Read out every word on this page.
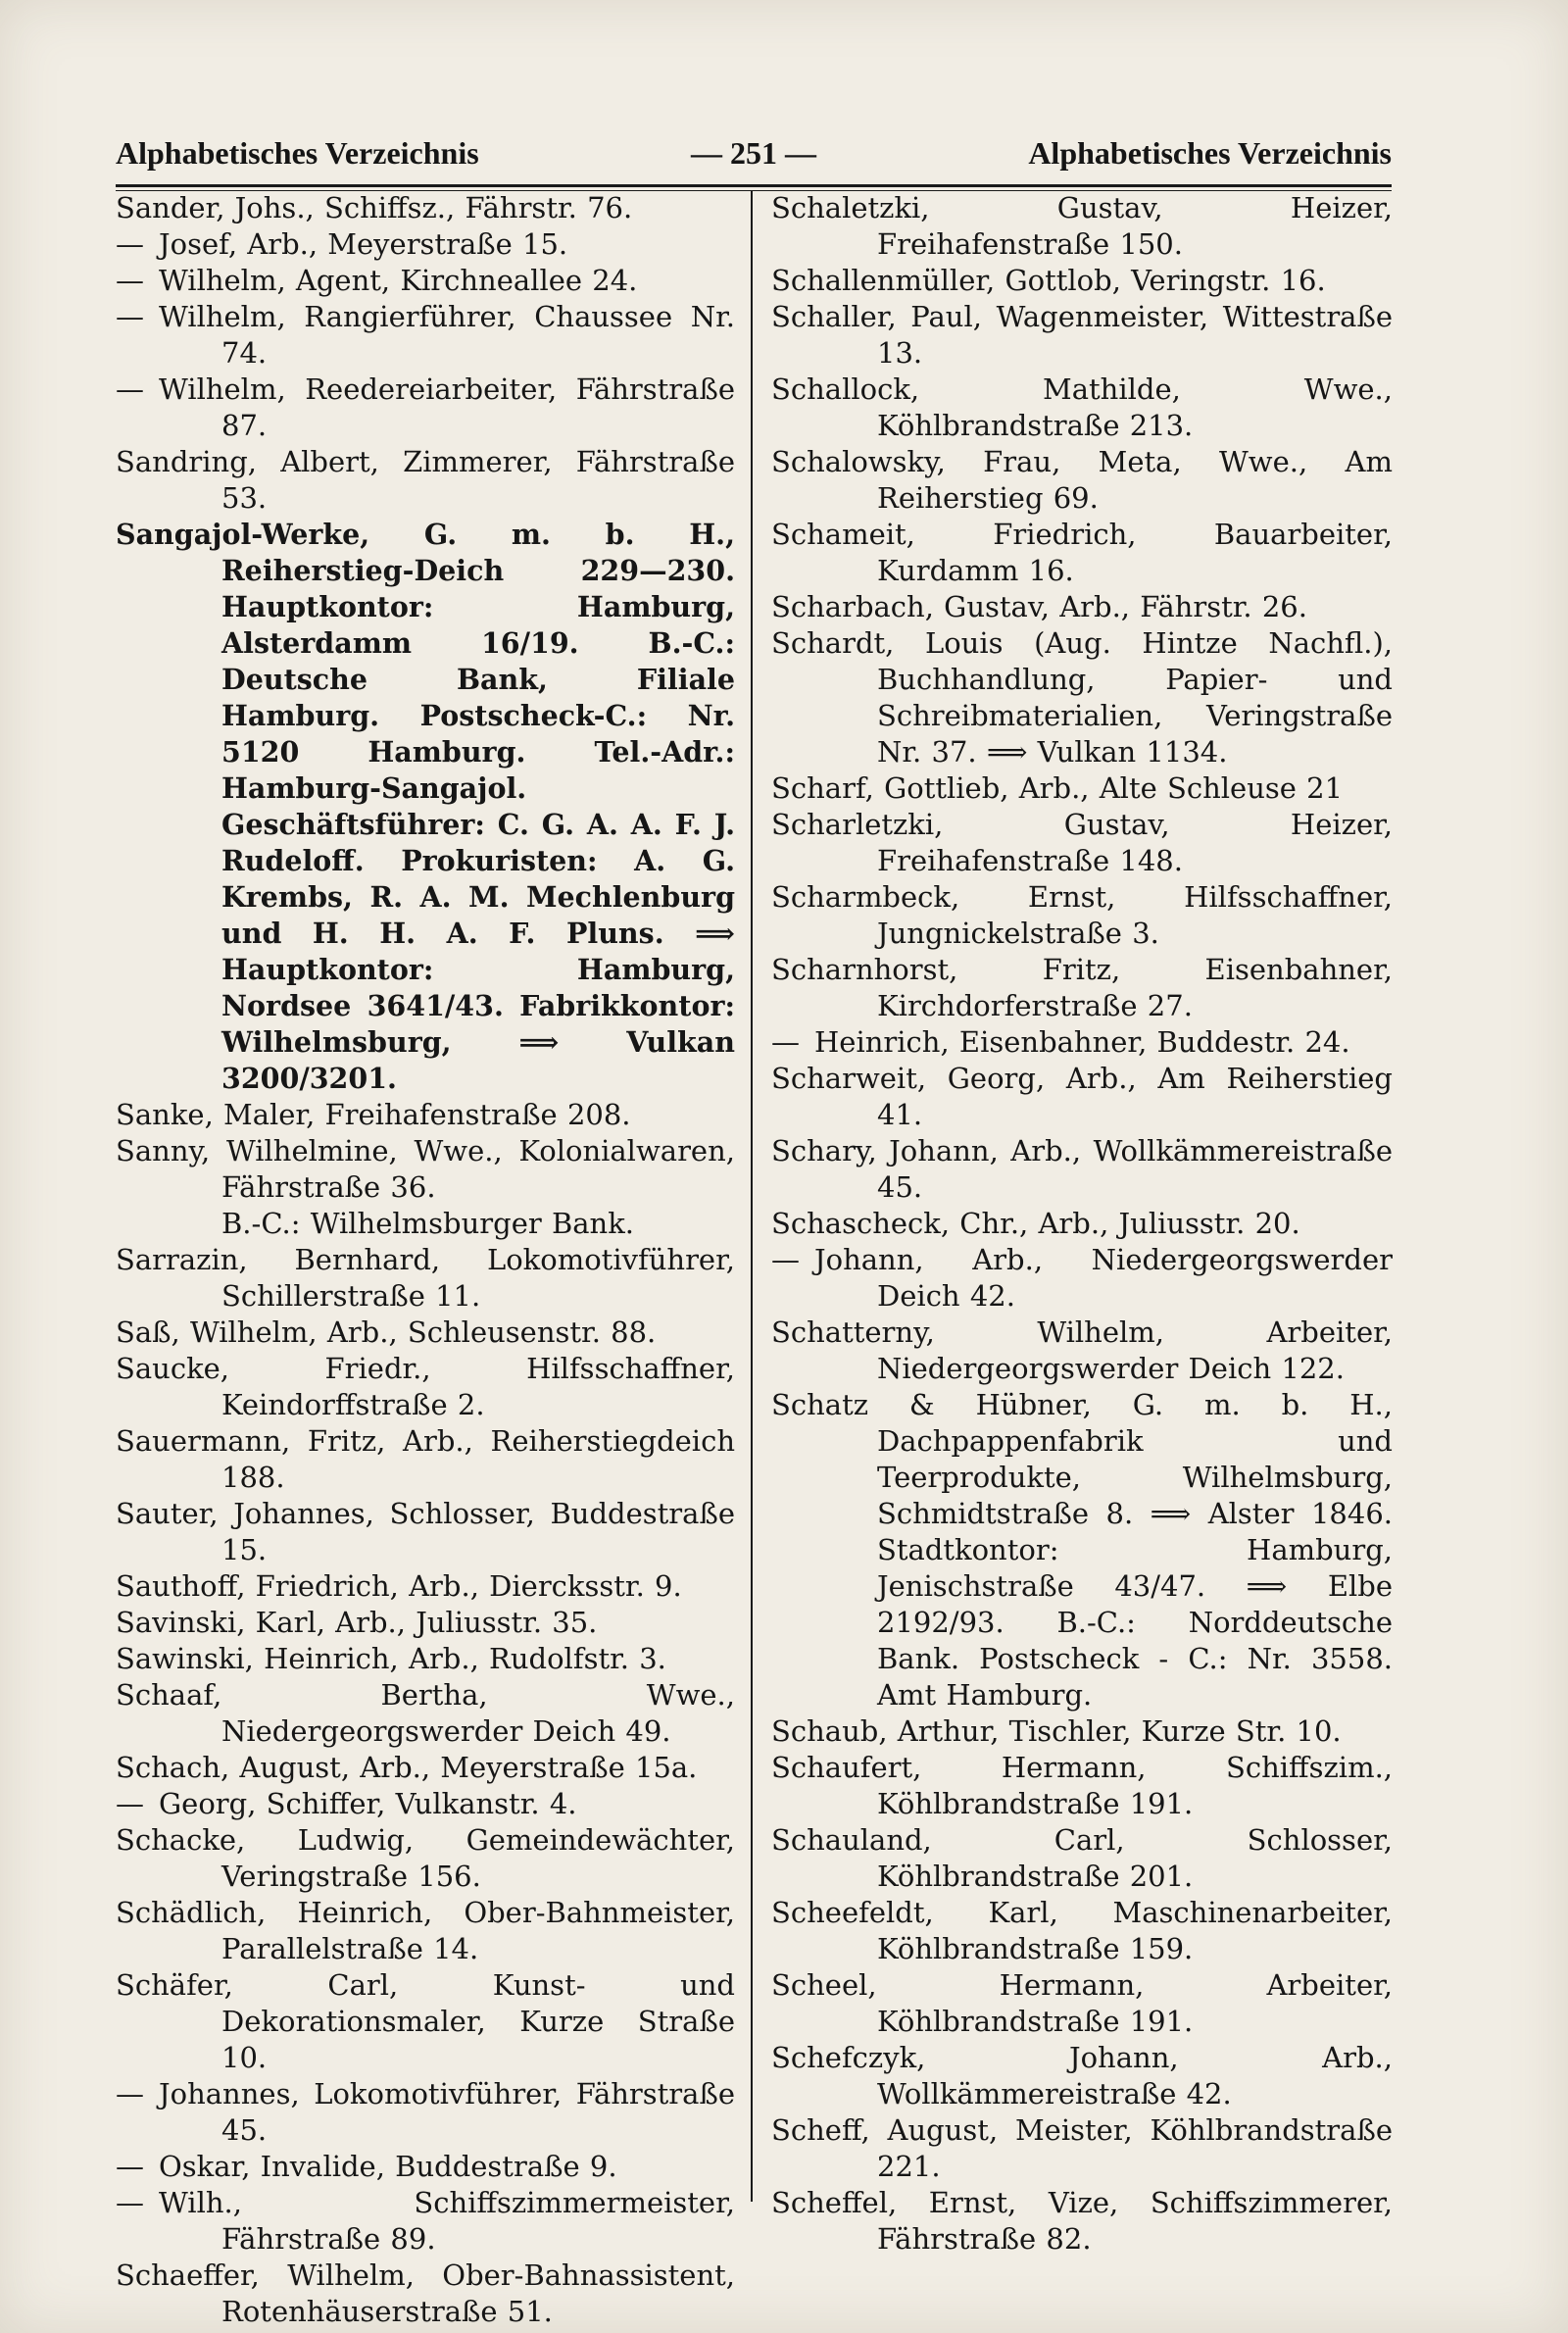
Alphabetisches Verzeichnis	— 251 —	Alphabetisches Verzeichnis
Sander, Johs., Schiffsz., Fährstr. 76.
— Josef, Arb., Meyerstraße 15.
— Wilhelm, Agent, Kirchneallee 24.
— Wilhelm, Rangierführer, Chaussee Nr. 74.
— Wilhelm, Reedereiarbeiter, Fährstraße 87.
Sandring, Albert, Zimmerer, Fährstraße 53.
Sangajol-Werke, G. m. b. H., Reiherstieg-Deich 229—230. Hauptkontor: Hamburg, Alsterdamm 16/19. B.-C.: Deutsche Bank, Filiale Hamburg. Postscheck-C.: Nr. 5120 Hamburg. Tel.-Adr.: Hamburg-Sangajol. Geschäftsführer: C. G. A. A. F. J. Rudeloff. Prokuristen: A. G. Krembs, R. A. M. Mechlenburg und H. H. A. F. Pluns. ⟹ Hauptkontor: Hamburg, Nordsee 3641/43. Fabrikkontor: Wilhelmsburg, ⟹ Vulkan 3200/3201.
Sanke, Maler, Freihafenstraße 208.
Sanny, Wilhelmine, Wwe., Kolonialwaren, Fährstraße 36.
B.-C.: Wilhelmsburger Bank.
Sarrazin, Bernhard, Lokomotivführer, Schillerstraße 11.
Saß, Wilhelm, Arb., Schleusenstr. 88.
Saucke, Friedr., Hilfsschaffner, Keindorffstraße 2.
Sauermann, Fritz, Arb., Reiherstiegdeich 188.
Sauter, Johannes, Schlosser, Buddestraße 15.
Sauthoff, Friedrich, Arb., Diercksstr. 9.
Savinski, Karl, Arb., Juliusstr. 35.
Sawinski, Heinrich, Arb., Rudolfstr. 3.
Schaaf, Bertha, Wwe., Niedergeorgswerder Deich 49.
Schach, August, Arb., Meyerstraße 15a.
— Georg, Schiffer, Vulkanstr. 4.
Schacke, Ludwig, Gemeindewächter, Veringstraße 156.
Schädlich, Heinrich, Ober-Bahnmeister, Parallelstraße 14.
Schäfer, Carl, Kunst- und Dekorationsmaler, Kurze Straße 10.
— Johannes, Lokomotivführer, Fährstraße 45.
— Oskar, Invalide, Buddestraße 9.
— Wilh., Schiffszimmermeister, Fährstraße 89.
Schaeffer, Wilhelm, Ober-Bahnassistent, Rotenhäuserstraße 51.
Schaletzki, Gustav, Heizer, Freihafenstraße 150.
Schallenmüller, Gottlob, Veringstr. 16.
Schaller, Paul, Wagenmeister, Wittestraße 13.
Schallock, Mathilde, Wwe., Köhlbrandstraße 213.
Schalowsky, Frau, Meta, Wwe., Am Reiherstieg 69.
Schameit, Friedrich, Bauarbeiter, Kurdamm 16.
Scharbach, Gustav, Arb., Fährstr. 26.
Schardt, Louis (Aug. Hintze Nachfl.), Buchhandlung, Papier- und Schreibmaterialien, Veringstraße Nr. 37. ⟹ Vulkan 1134.
Scharf, Gottlieb, Arb., Alte Schleuse 21
Scharletzki, Gustav, Heizer, Freihafenstraße 148.
Scharmbeck, Ernst, Hilfsschaffner, Jungnickelstraße 3.
Scharnhorst, Fritz, Eisenbahner, Kirchdorferstraße 27.
— Heinrich, Eisenbahner, Buddestr. 24.
Scharweit, Georg, Arb., Am Reiherstieg 41.
Schary, Johann, Arb., Wollkämmereistraße 45.
Schascheck, Chr., Arb., Juliusstr. 20.
— Johann, Arb., Niedergeorgswerder Deich 42.
Schatterny, Wilhelm, Arbeiter, Niedergeorgswerder Deich 122.
Schatz & Hübner, G. m. b. H., Dachpappenfabrik und Teerprodukte, Wilhelmsburg, Schmidtstraße 8. ⟹ Alster 1846. Stadtkontor: Hamburg, Jenischstraße 43/47. ⟹ Elbe 2192/93. B.-C.: Norddeutsche Bank. Postscheck - C.: Nr. 3558. Amt Hamburg.
Schaub, Arthur, Tischler, Kurze Str. 10.
Schaufert, Hermann, Schiffszim., Köhlbrandstraße 191.
Schauland, Carl, Schlosser, Köhlbrandstraße 201.
Scheefeldt, Karl, Maschinenarbeiter, Köhlbrandstraße 159.
Scheel, Hermann, Arbeiter, Köhlbrandstraße 191.
Schefczyk, Johann, Arb., Wollkämmereistraße 42.
Scheff, August, Meister, Köhlbrandstraße 221.
Scheffel, Ernst, Vize, Schiffszimmerer, Fährstraße 82.
